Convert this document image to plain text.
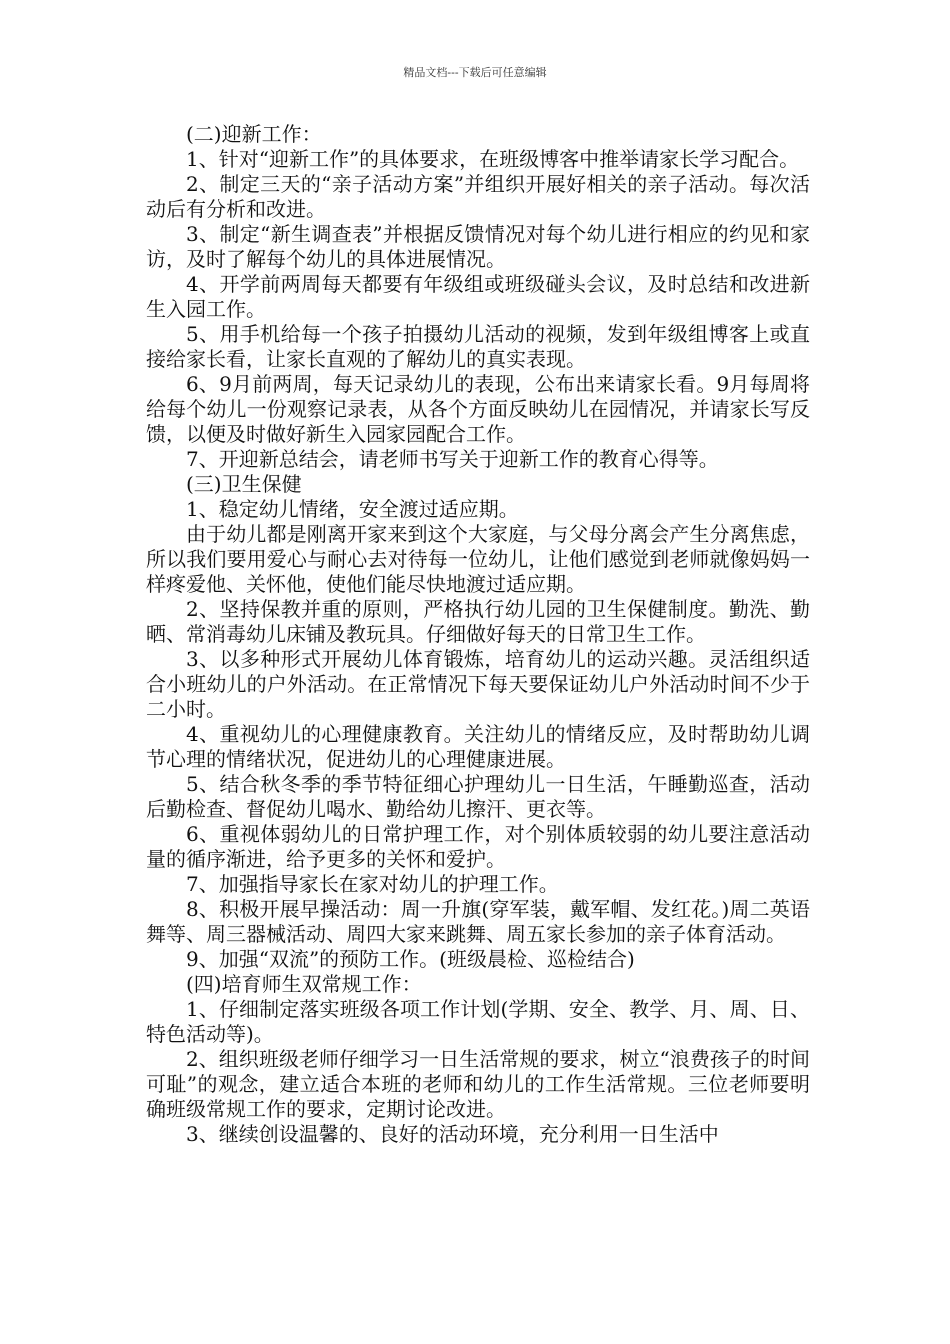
精品文档---下载后可任意编辑

(二)迎新工作：

1、针对“迎新工作”的具体要求，在班级博客中推举请家长学习配合。

2、制定三天的“亲子活动方案”并组织开展好相关的亲子活动。每次活动后有分析和改进。

3、制定“新生调查表”并根据反馈情况对每个幼儿进行相应的约见和家访，及时了解每个幼儿的具体进展情况。

4、开学前两周每天都要有年级组或班级碰头会议，及时总结和改进新生入园工作。

5、用手机给每一个孩子拍摄幼儿活动的视频，发到年级组博客上或直接给家长看，让家长直观的了解幼儿的真实表现。

6、9月前两周，每天记录幼儿的表现，公布出来请家长看。9月每周将给每个幼儿一份观察记录表，从各个方面反映幼儿在园情况，并请家长写反馈，以便及时做好新生入园家园配合工作。

7、开迎新总结会，请老师书写关于迎新工作的教育心得等。

(三)卫生保健

1、稳定幼儿情绪，安全渡过适应期。

由于幼儿都是刚离开家来到这个大家庭，与父母分离会产生分离焦虑，所以我们要用爱心与耐心去对待每一位幼儿，让他们感觉到老师就像妈妈一样疼爱他、关怀他，使他们能尽快地渡过适应期。

2、坚持保教并重的原则，严格执行幼儿园的卫生保健制度。勤洗、勤晒、常消毒幼儿床铺及教玩具。仔细做好每天的日常卫生工作。

3、以多种形式开展幼儿体育锻炼，培育幼儿的运动兴趣。灵活组织适合小班幼儿的户外活动。在正常情况下每天要保证幼儿户外活动时间不少于二小时。

4、重视幼儿的心理健康教育。关注幼儿的情绪反应，及时帮助幼儿调节心理的情绪状况，促进幼儿的心理健康进展。

5、结合秋冬季的季节特征细心护理幼儿一日生活，午睡勤巡查，活动后勤检查、督促幼儿喝水、勤给幼儿擦汗、更衣等。

6、重视体弱幼儿的日常护理工作，对个别体质较弱的幼儿要注意活动量的循序渐进，给予更多的关怀和爱护。

7、加强指导家长在家对幼儿的护理工作。

8、积极开展早操活动：周一升旗(穿军装，戴军帽、发红花。)周二英语舞等、周三器械活动、周四大家来跳舞、周五家长参加的亲子体育活动。

9、加强“双流”的预防工作。(班级晨检、巡检结合)

(四)培育师生双常规工作：

1、仔细制定落实班级各项工作计划(学期、安全、教学、月、周、日、特色活动等)。

2、组织班级老师仔细学习一日生活常规的要求，树立“浪费孩子的时间可耻”的观念，建立适合本班的老师和幼儿的工作生活常规。三位老师要明确班级常规工作的要求，定期讨论改进。

3、继续创设温馨的、良好的活动环境，充分利用一日生活中
